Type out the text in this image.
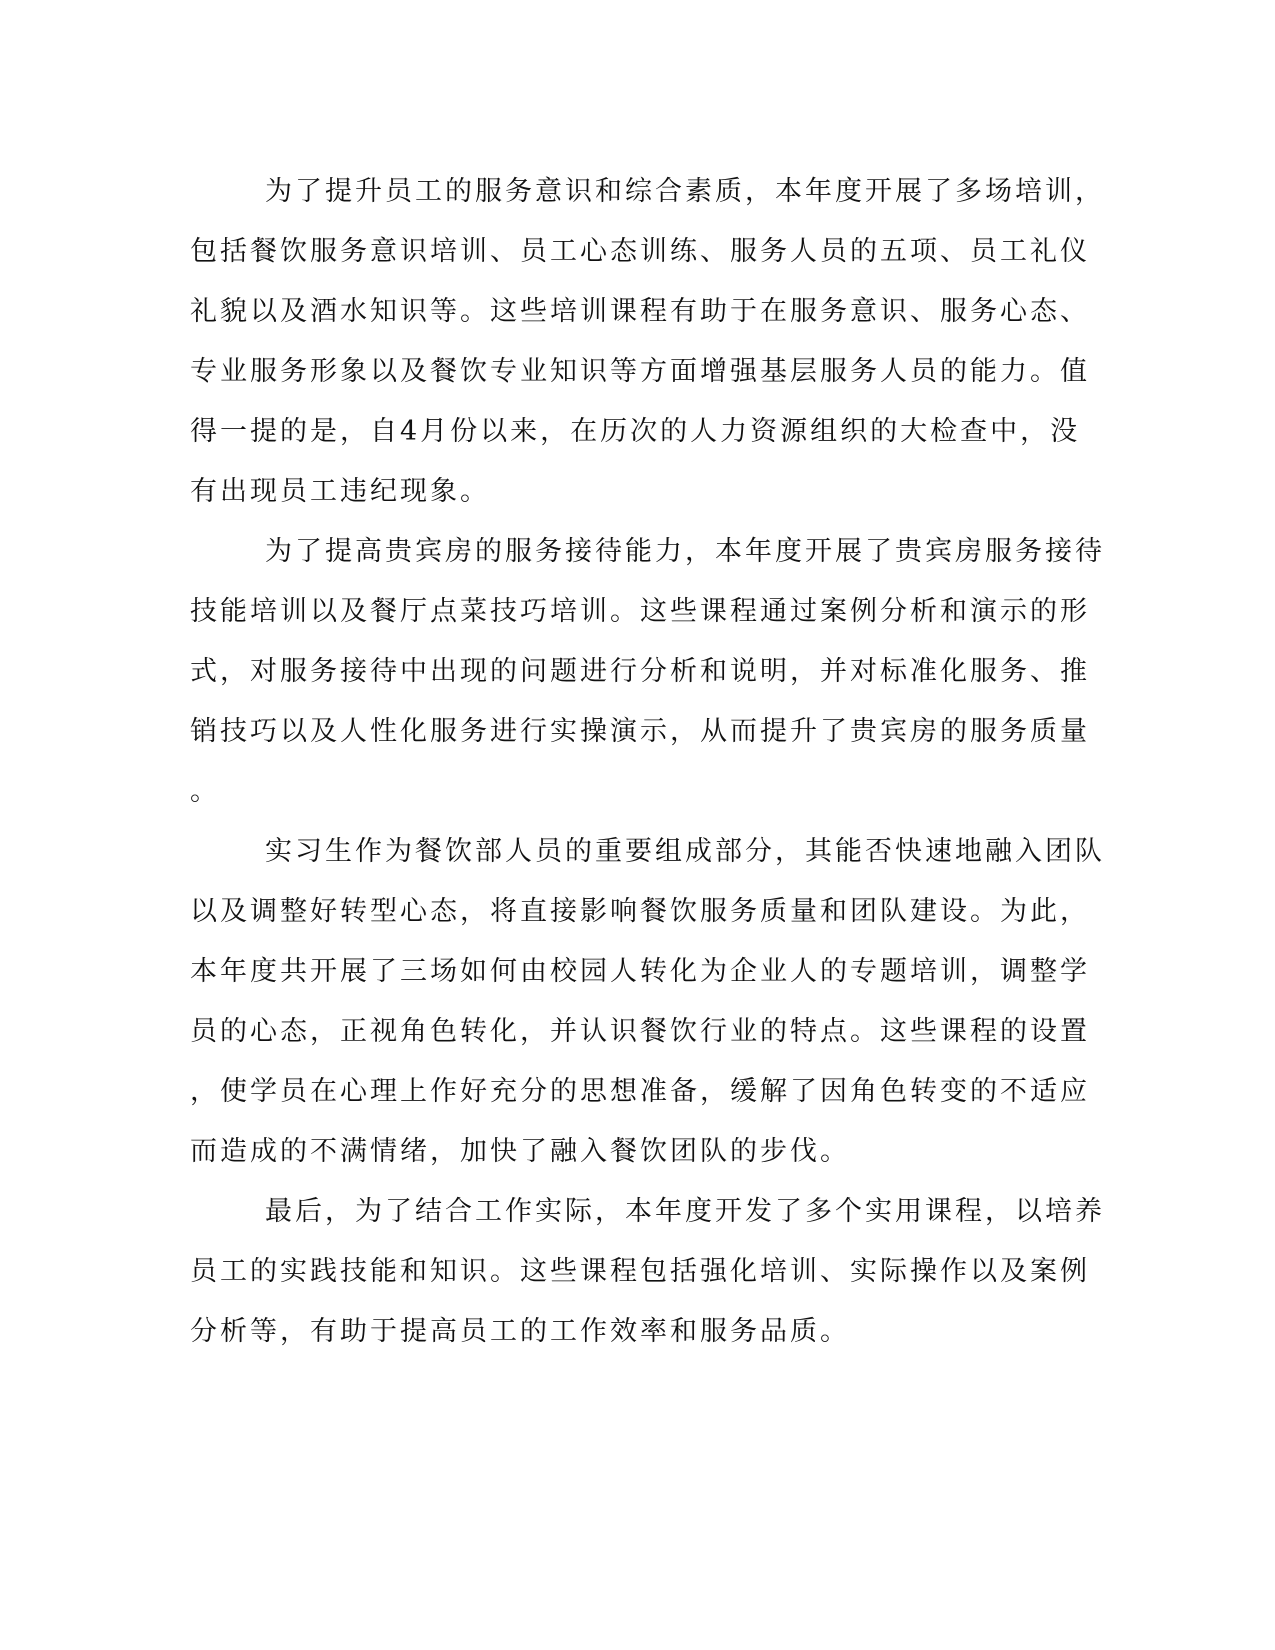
为了提升员工的服务意识和综合素质，本年度开展了多场培训，
包括餐饮服务意识培训、员工心态训练、服务人员的五项、员工礼仪
礼貌以及酒水知识等。这些培训课程有助于在服务意识、服务心态、
专业服务形象以及餐饮专业知识等方面增强基层服务人员的能力。值
得一提的是，自4月份以来，在历次的人力资源组织的大检查中，没
有出现员工违纪现象。
为了提高贵宾房的服务接待能力，本年度开展了贵宾房服务接待
技能培训以及餐厅点菜技巧培训。这些课程通过案例分析和演示的形
式，对服务接待中出现的问题进行分析和说明，并对标准化服务、推
销技巧以及人性化服务进行实操演示，从而提升了贵宾房的服务质量
。
实习生作为餐饮部人员的重要组成部分，其能否快速地融入团队
以及调整好转型心态，将直接影响餐饮服务质量和团队建设。为此，
本年度共开展了三场如何由校园人转化为企业人的专题培训，调整学
员的心态，正视角色转化，并认识餐饮行业的特点。这些课程的设置
，使学员在心理上作好充分的思想准备，缓解了因角色转变的不适应
而造成的不满情绪，加快了融入餐饮团队的步伐。
最后，为了结合工作实际，本年度开发了多个实用课程，以培养
员工的实践技能和知识。这些课程包括强化培训、实际操作以及案例
分析等，有助于提高员工的工作效率和服务品质。
